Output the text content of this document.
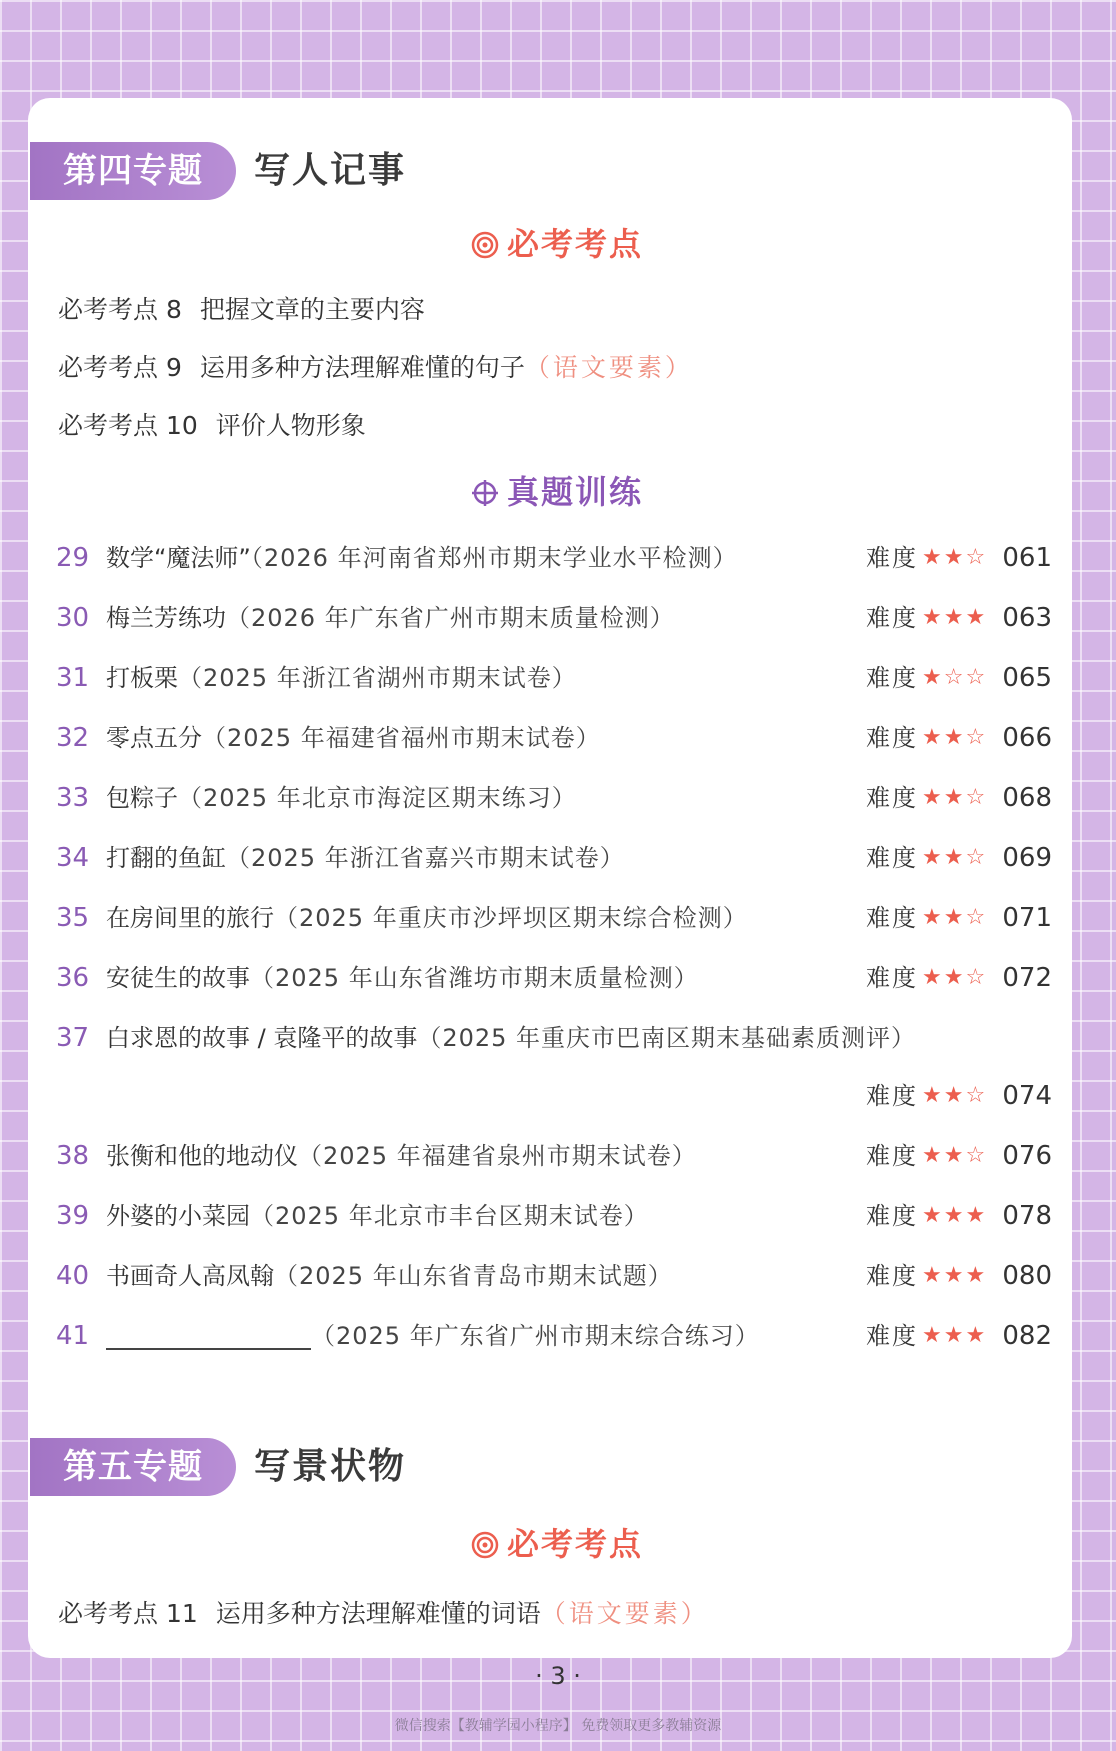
第四专题	写人记事
必考考点
必考考点 8 把握文章的主要内容
必考考点 9 运用多种方法理解难懂的句子（语文要素）
必考考点 10 评价人物形象
真题训练
29 数学“魔法师”（2026 年河南省郑州市期末学业水平检测）	难度 ★★☆ 061
30 梅兰芳练功（2026 年广东省广州市期末质量检测）	难度 ★★★ 063
31 打板栗（2025 年浙江省湖州市期末试卷）	难度 ★☆☆ 065
32 零点五分（2025 年福建省福州市期末试卷）	难度 ★★☆ 066
33 包粽子（2025 年北京市海淀区期末练习）	难度 ★★☆ 068
34 打翻的鱼缸（2025 年浙江省嘉兴市期末试卷）	难度 ★★☆ 069
35 在房间里的旅行（2025 年重庆市沙坪坝区期末综合检测）	难度 ★★☆ 071
36 安徒生的故事（2025 年山东省潍坊市期末质量检测）	难度 ★★☆ 072
37 白求恩的故事 / 袁隆平的故事（2025 年重庆市巴南区期末基础素质测评）
难度 ★★☆ 074
38 张衡和他的地动仪（2025 年福建省泉州市期末试卷）	难度 ★★☆ 076
39 外婆的小菜园（2025 年北京市丰台区期末试卷）	难度 ★★★ 078
40 书画奇人高凤翰（2025 年山东省青岛市期末试题）	难度 ★★★ 080
41	（2025 年广东省广州市期末综合练习）	难度 ★★★ 082
第五专题	写景状物
必考考点
必考考点 11 运用多种方法理解难懂的词语（语文要素）
· 3 ·
微信搜索【教辅学园小程序】 免费领取更多教辅资源
